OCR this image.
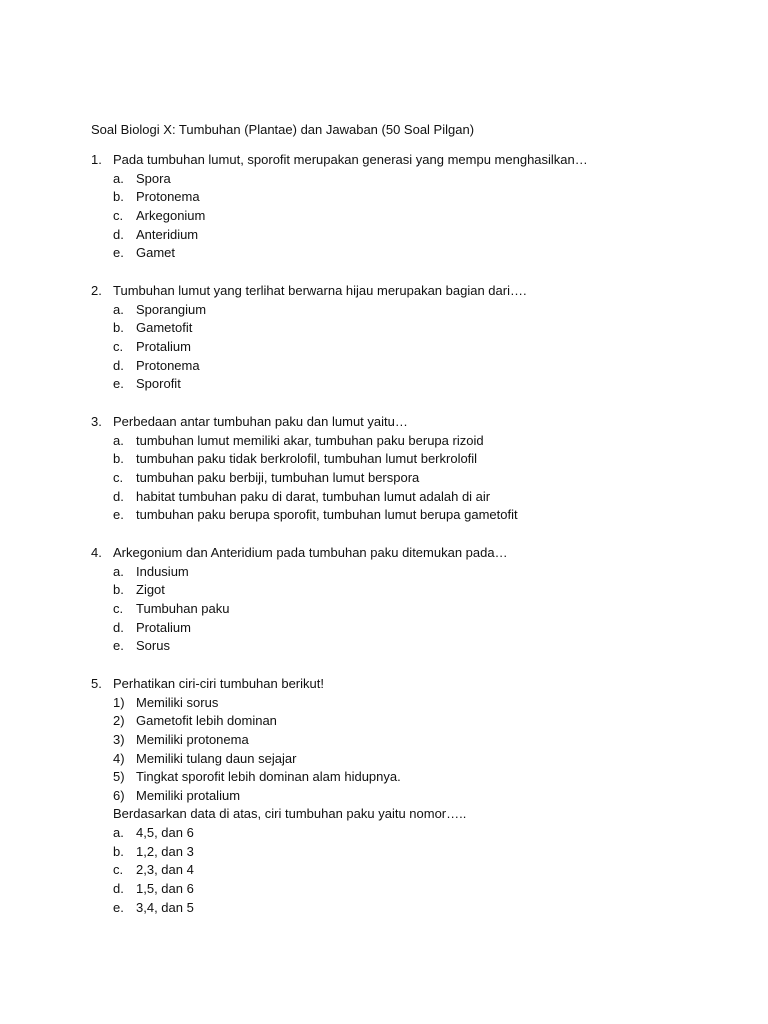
Soal Biologi X: Tumbuhan (Plantae) dan Jawaban (50 Soal Pilgan)
1. Pada tumbuhan lumut, sporofit merupakan generasi yang mempu menghasilkan…
a. Spora
b. Protonema
c. Arkegonium
d. Anteridium
e. Gamet
2. Tumbuhan lumut yang terlihat berwarna hijau merupakan bagian dari….
a. Sporangium
b. Gametofit
c. Protalium
d. Protonema
e. Sporofit
3. Perbedaan antar tumbuhan paku dan lumut yaitu…
a. tumbuhan lumut memiliki akar, tumbuhan paku berupa rizoid
b. tumbuhan paku tidak berkrolofil, tumbuhan lumut berkrolofil
c. tumbuhan paku berbiji, tumbuhan lumut berspora
d. habitat tumbuhan paku di darat, tumbuhan lumut adalah di air
e. tumbuhan paku berupa sporofit, tumbuhan lumut berupa gametofit
4. Arkegonium dan Anteridium pada tumbuhan paku ditemukan pada…
a. Indusium
b. Zigot
c. Tumbuhan paku
d. Protalium
e. Sorus
5. Perhatikan ciri-ciri tumbuhan berikut!
1) Memiliki sorus
2) Gametofit lebih dominan
3) Memiliki protonema
4) Memiliki tulang daun sejajar
5) Tingkat sporofit lebih dominan alam hidupnya.
6) Memiliki protalium
Berdasarkan data di atas, ciri tumbuhan paku yaitu nomor…..
a. 4,5, dan 6
b. 1,2, dan 3
c. 2,3, dan 4
d. 1,5, dan 6
e. 3,4, dan 5
